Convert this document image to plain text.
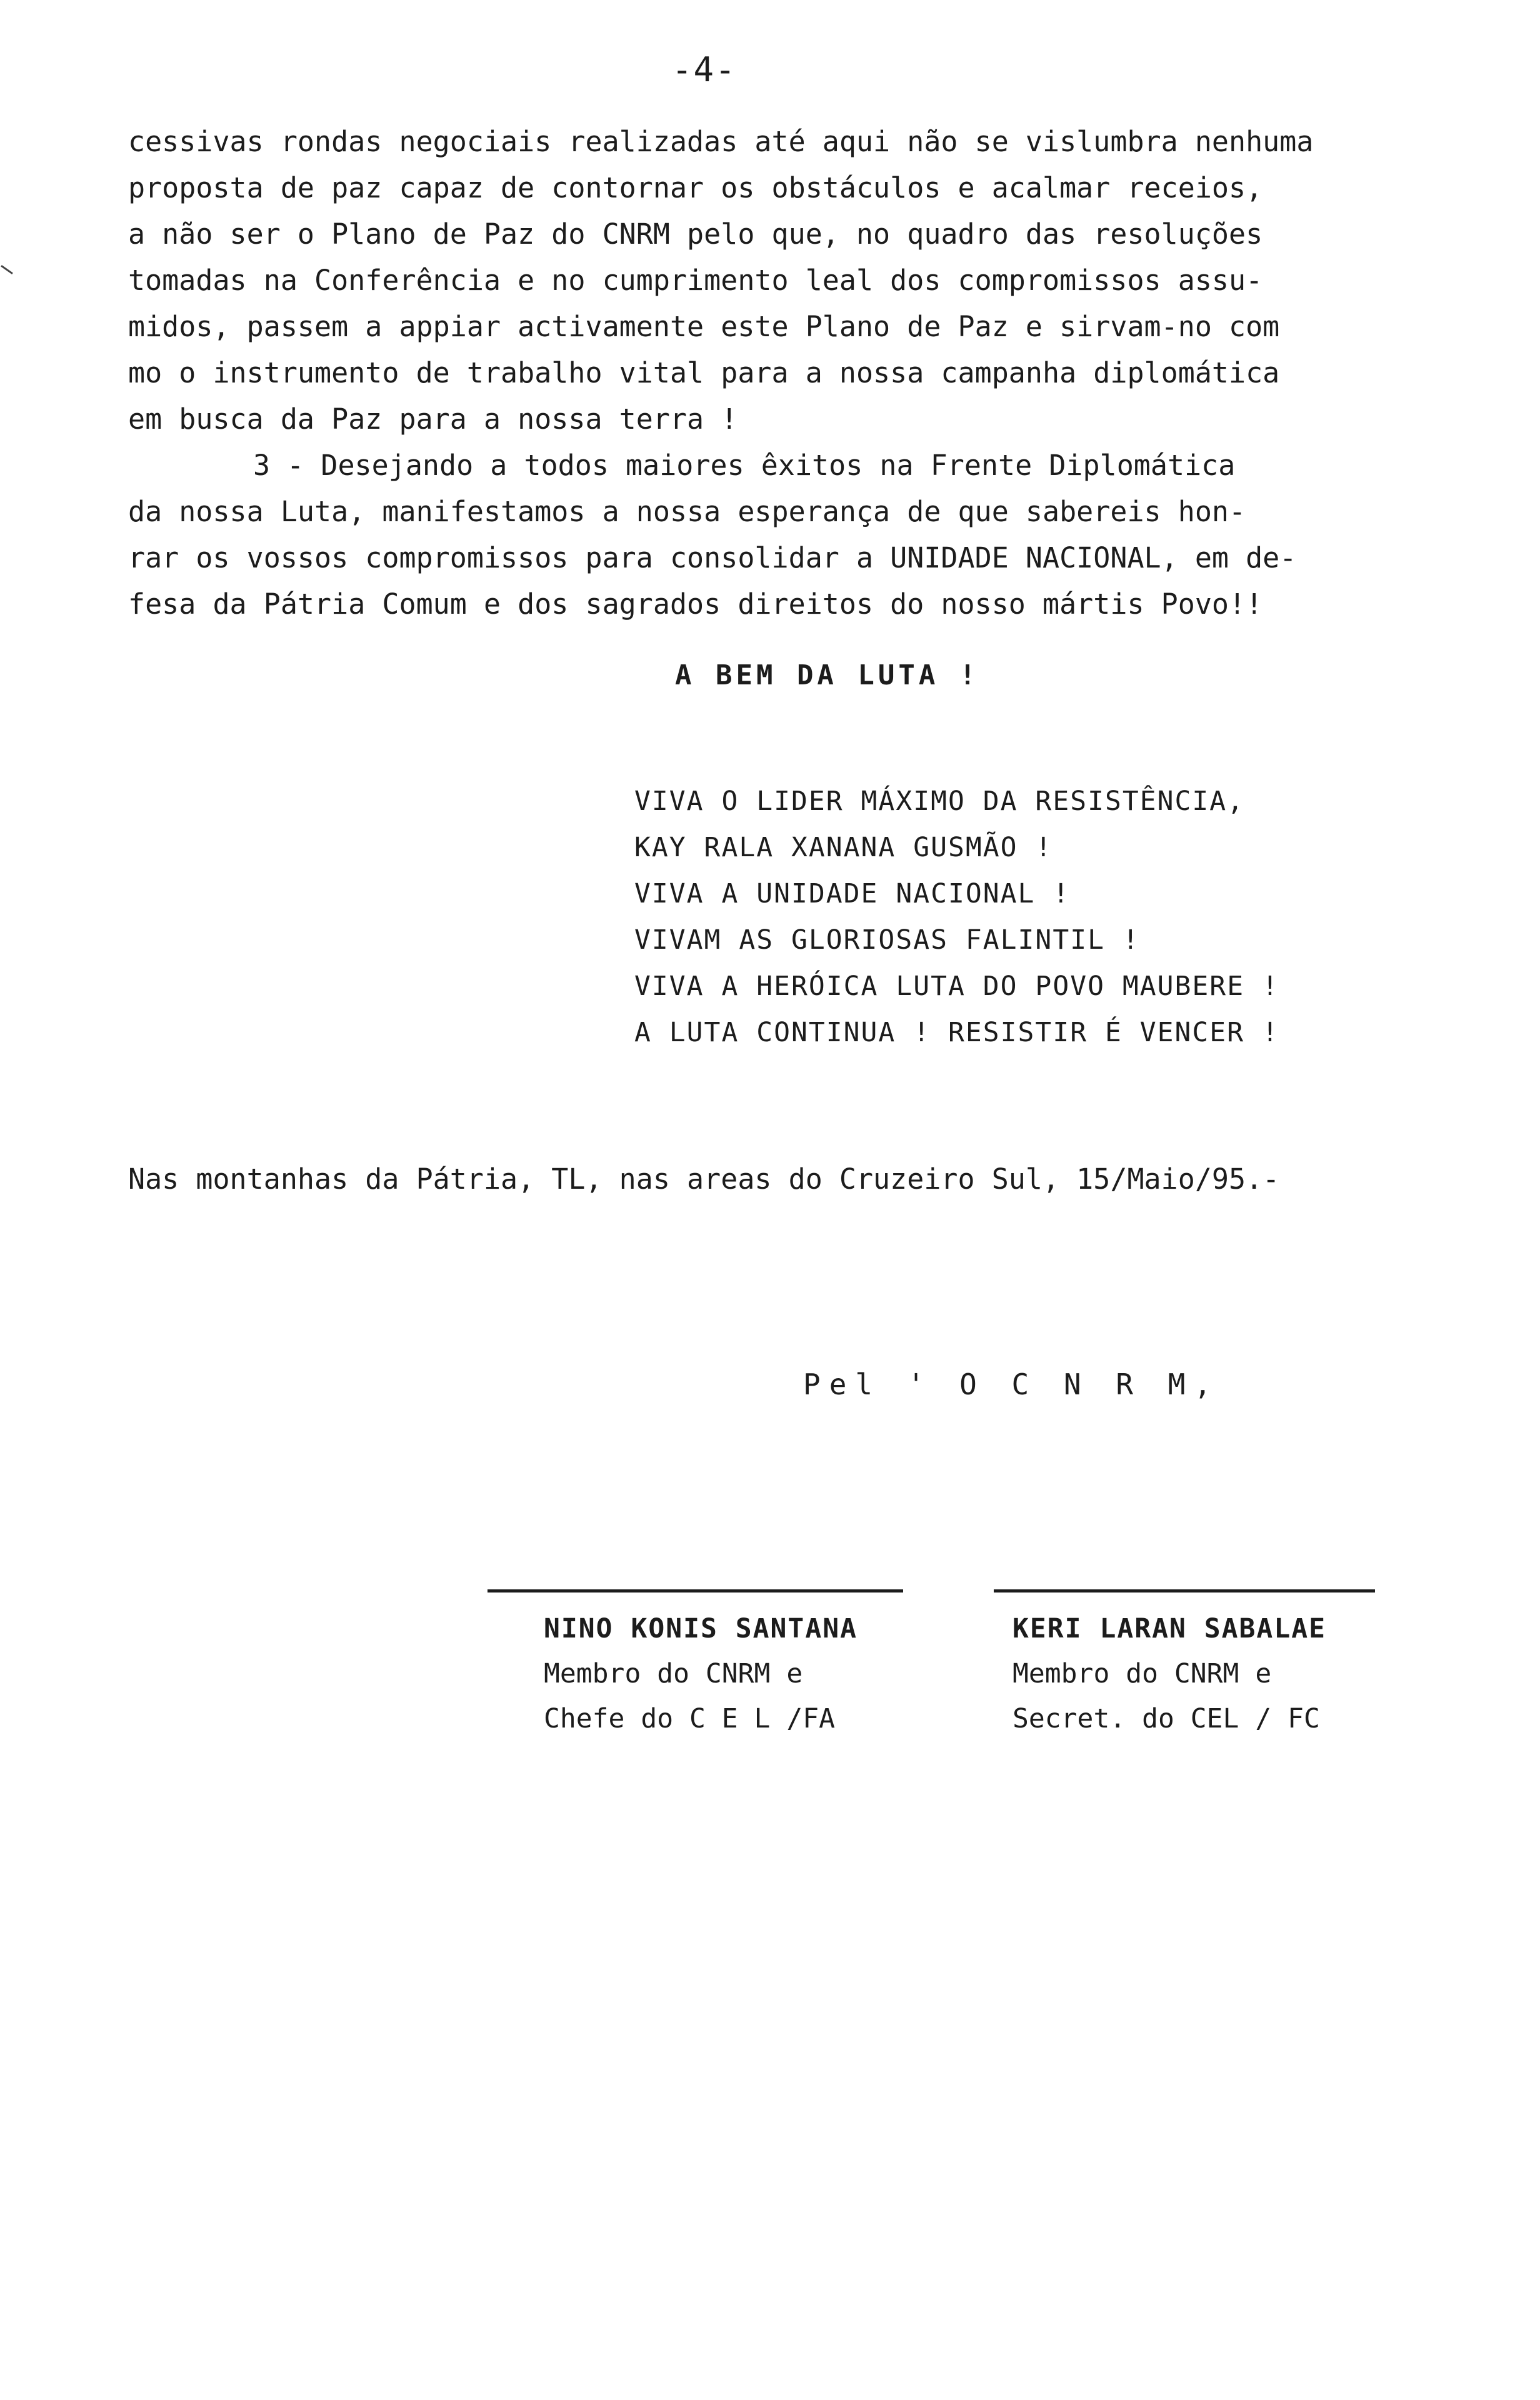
-4-
cessivas rondas negociais realizadas até aqui não se vislumbra nenhuma
proposta de paz capaz de contornar os obstáculos e acalmar receios,
a não ser o Plano de Paz do CNRM pelo que, no quadro das resoluções
tomadas na Conferência e no cumprimento leal dos compromissos assu-
midos, passem a appiar activamente este Plano de Paz e sirvam-no com
mo o instrumento de trabalho vital para a nossa campanha diplomática
em busca da Paz para a nossa terra !
3 - Desejando a todos maiores êxitos na Frente Diplomática
da nossa Luta, manifestamos a nossa esperança de que sabereis hon-
rar os vossos compromissos para consolidar a UNIDADE NACIONAL, em de-
fesa da Pátria Comum e dos sagrados direitos do nosso mártis Povo!!
A BEM DA LUTA !
VIVA O LIDER MÁXIMO DA RESISTÊNCIA,
KAY RALA XANANA GUSMÃO !
VIVA A UNIDADE NACIONAL !
VIVAM AS GLORIOSAS FALINTIL !
VIVA A HERÓICA LUTA DO POVO MAUBERE !
A LUTA CONTINUA ! RESISTIR É VENCER !
Nas montanhas da Pátria, TL, nas areas do Cruzeiro Sul, 15/Maio/95.-
Pel ' O C N R M,
NINO KONIS SANTANA
Membro do CNRM e
Chefe do C E L /FA
KERI LARAN SABALAE
Membro do CNRM e
Secret. do CEL / FC
